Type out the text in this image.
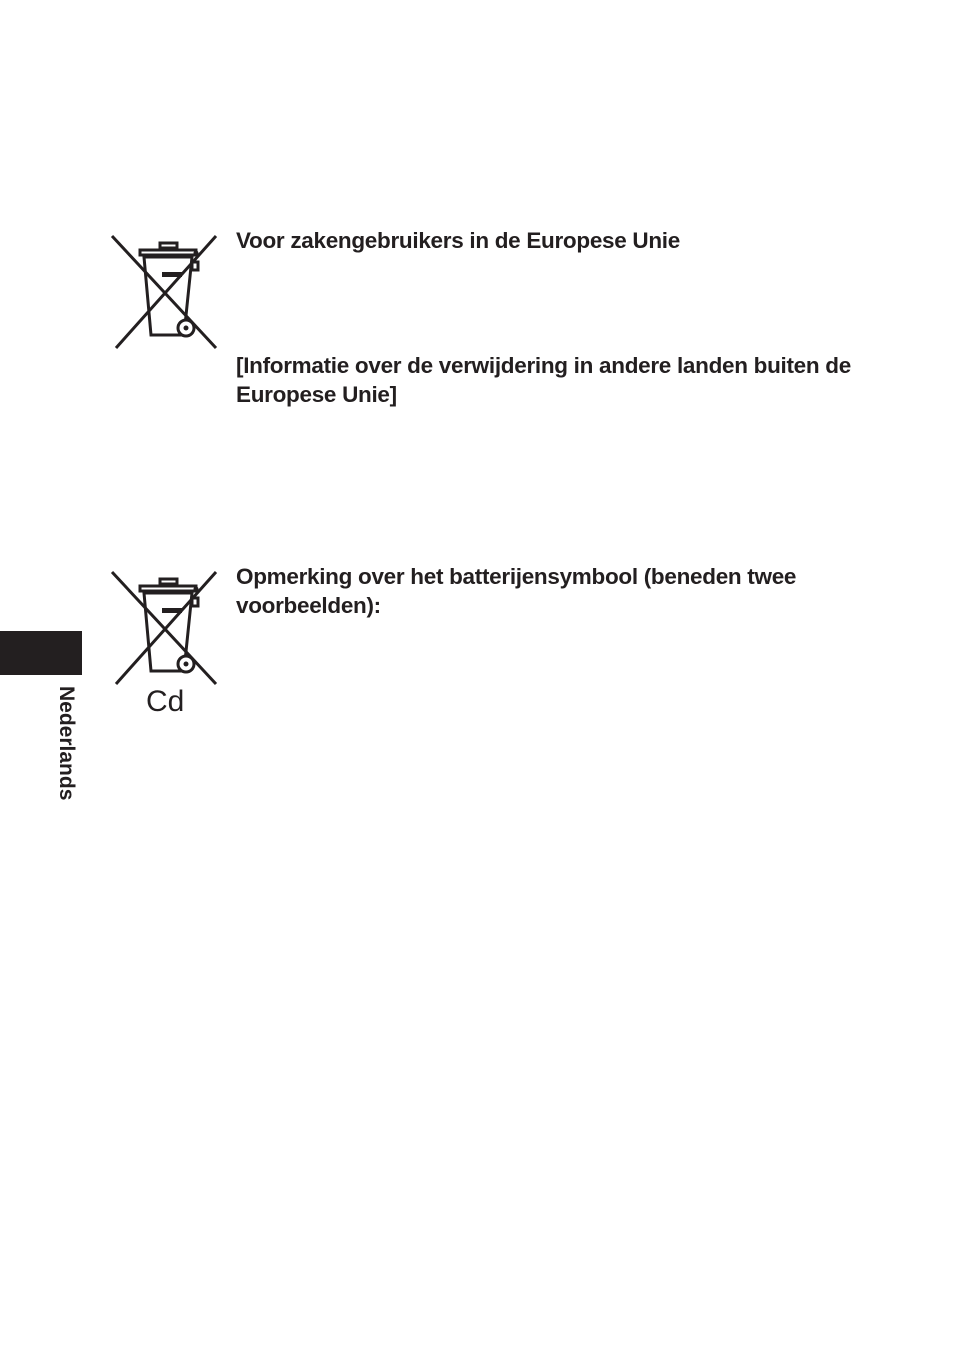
Voor zakengebruikers in de Europese Unie
[Informatie over de verwijdering in andere landen buiten de Europese Unie]
Cd
Opmerking over het batterijensymbool (beneden twee voorbeelden):
Nederlands
